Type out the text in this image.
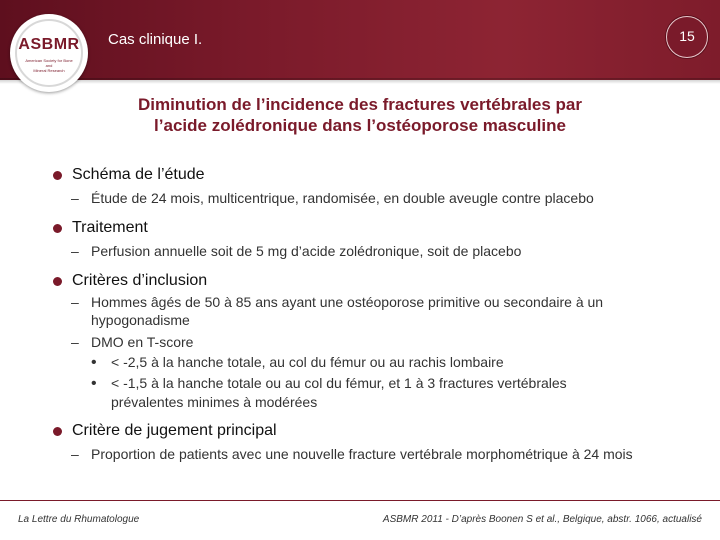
ASBMR
American Society for Bone
and
Mineral Research
Cas clinique I.	15
Diminution de l’incidence des fractures vertébrales par
l’acide zolédronique dans l’ostéoporose masculine
Schéma de l’étude
– Étude de 24 mois, multicentrique, randomisée, en double aveugle contre placebo
Traitement
– Perfusion annuelle soit de 5 mg d’acide zolédronique, soit de placebo
Critères d’inclusion
– Hommes âgés de 50 à 85 ans ayant une ostéoporose primitive ou secondaire à un hypogonadisme
– DMO en T-score
• < -2,5 à la hanche totale, au col du fémur ou au rachis lombaire
• < -1,5 à la hanche totale ou au col du fémur, et 1 à 3 fractures vertébrales prévalentes minimes à modérées
Critère de jugement principal
– Proportion de patients avec une nouvelle fracture vertébrale morphométrique à 24 mois
La Lettre du Rhumatologue	ASBMR 2011 - D’après Boonen S et al., Belgique, abstr. 1066, actualisé
